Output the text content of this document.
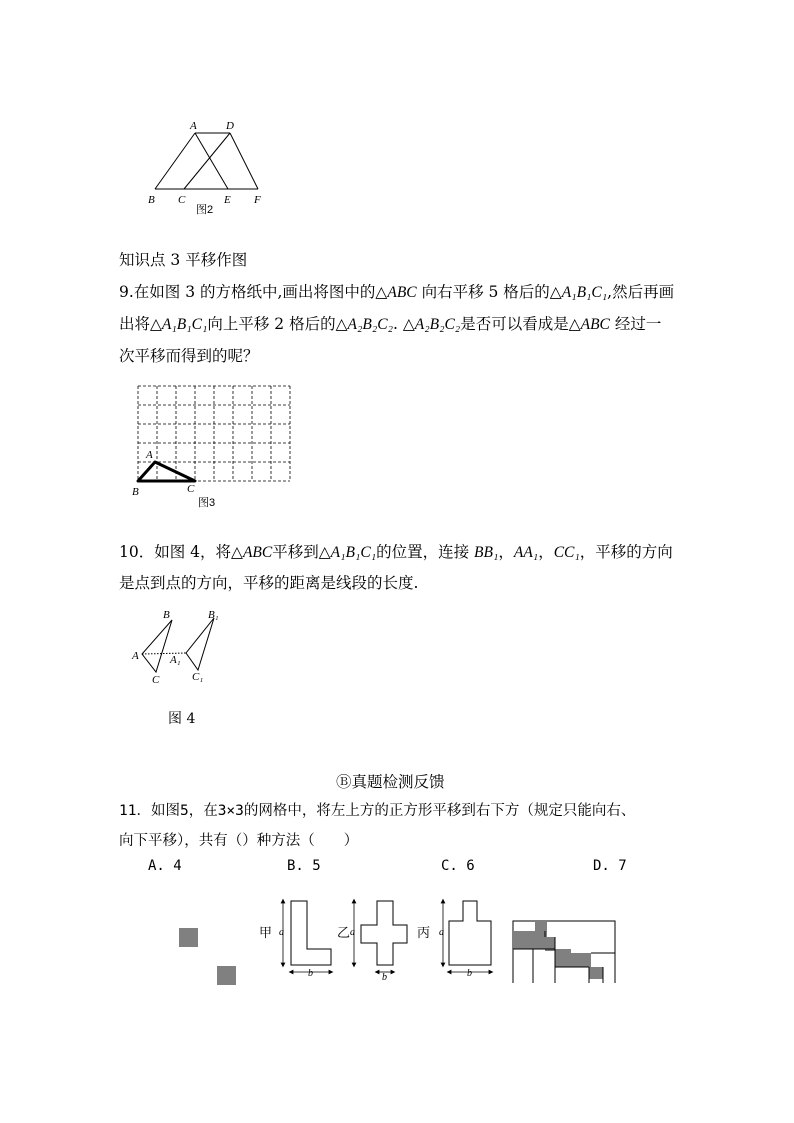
A	D
B C	E F
图2
知识点 3 平移作图
9.在如图 3 的方格纸中,画出将图中的△ABC 向右平移 5 格后的△A₁B₁C₁,然后再画
出将△A₁B₁C₁向上平移 2 格后的△A₂B₂C₂. △A₂B₂C₂是否可以看成是△ABC 经过一
次平移而得到的呢？
A
B	C
图3
10．如图 4，将△ABC平移到△A₁B₁C₁的位置，连接 BB₁，AA₁，CC₁，平移的方向
是点到点的方向，平移的距离是线段的长度.
B	B₁
A	A₁
C	C₁
图 4
Ⓑ真题检测反馈
11．如图5，在3×3的网格中，将左上方的正方形平移到右下方（规定只能向右、
向下平移），共有（）种方法（　　）
A. 4	B. 5	C. 6	D. 7
甲 a
b
乙 a
b
丙 a
b
